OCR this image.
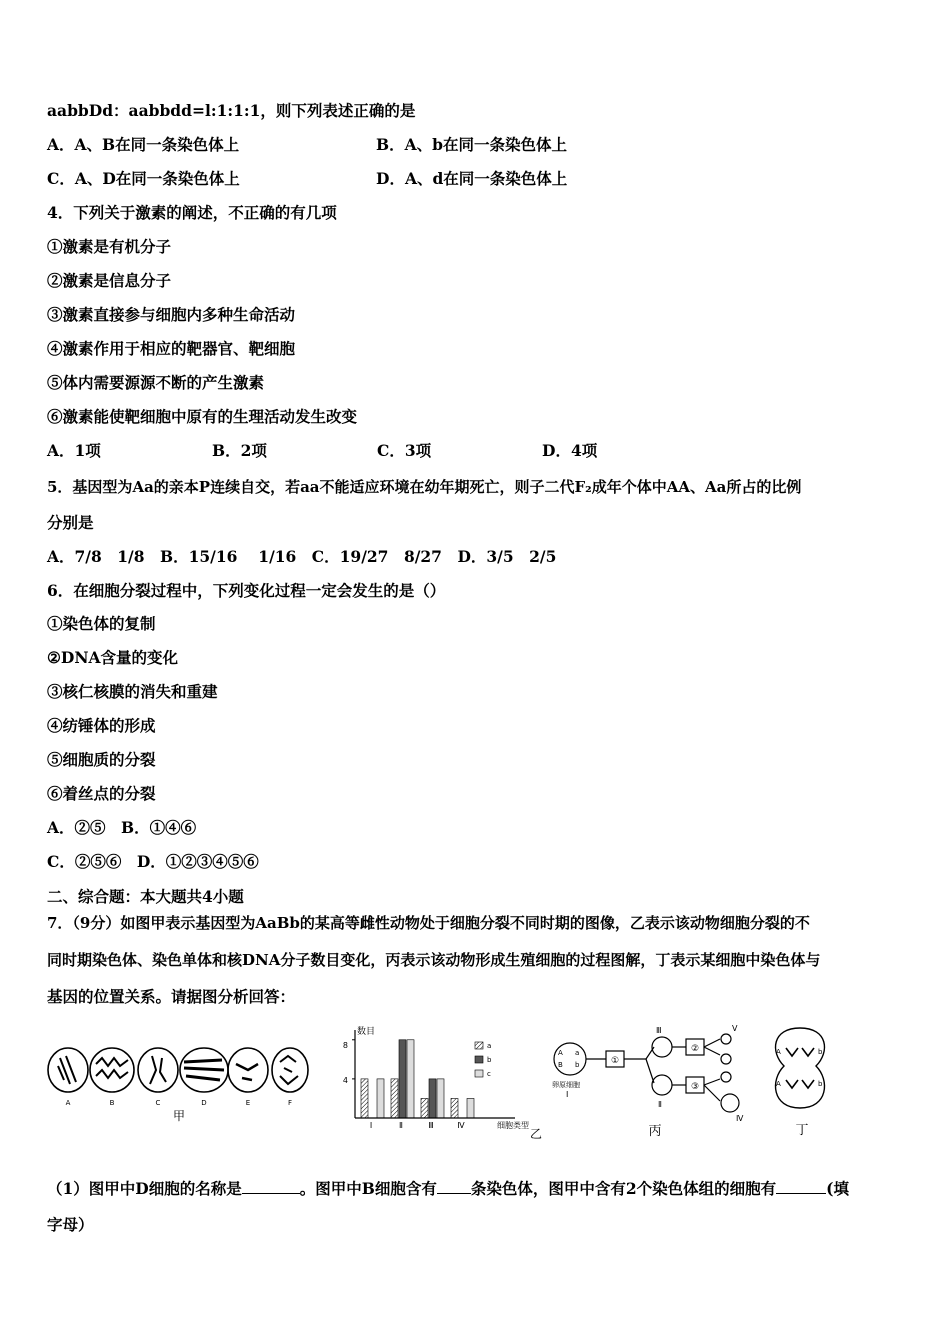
aabbDd：aabbdd=l:1:1:1，则下列表述正确的是
A．A、B在同一条染色体上	B．A、b在同一条染色体上
C．A、D在同一条染色体上	D．A、d在同一条染色体上
4．下列关于激素的阐述，不正确的有几项
①激素是有机分子
②激素是信息分子
③激素直接参与细胞内多种生命活动
④激素作用于相应的靶器官、靶细胞
⑤体内需要源源不断的产生激素
⑥激素能使靶细胞中原有的生理活动发生改变
A．1项	B．2项	C．3项	D．4项
5．基因型为Aa的亲本P连续自交，若aa不能适应环境在幼年期死亡，则子二代F₂成年个体中AA、Aa所占的比例
分别是
A．7/8　1/8　B．15/16　 1/16　C．19/27　8/27　D．3/5　2/5
6．在细胞分裂过程中，下列变化过程一定会发生的是（）
①染色体的复制
②DNA含量的变化
③核仁核膜的消失和重建
④纺锤体的形成
⑤细胞质的分裂
⑥着丝点的分裂
A．②⑤　B．①④⑥
C．②⑤⑥　D．①②③④⑤⑥
二、综合题：本大题共4小题
7．（9分）如图甲表示基因型为AaBb的某高等雌性动物处于细胞分裂不同时期的图像，乙表示该动物细胞分裂的不
同时期染色体、染色单体和核DNA分子数目变化，丙表示该动物形成生殖细胞的过程图解，丁表示某细胞中染色体与
基因的位置关系。请据图分析回答：
A	B	C	D	E	F
甲
Ⅰ	Ⅱ	Ⅲ	Ⅳ
数目
8
4
细胞类型
a
b
c
乙
A a
B b
卵原细胞
Ⅰ
Ⅱ
Ⅲ
Ⅳ
Ⅴ
①
②
③
丙
A	b
A	b
丁
（1）图甲中D细胞的名称是	。图甲中B细胞含有 条染色体，图甲中含有2个染色体组的细胞有	(填
字母）
